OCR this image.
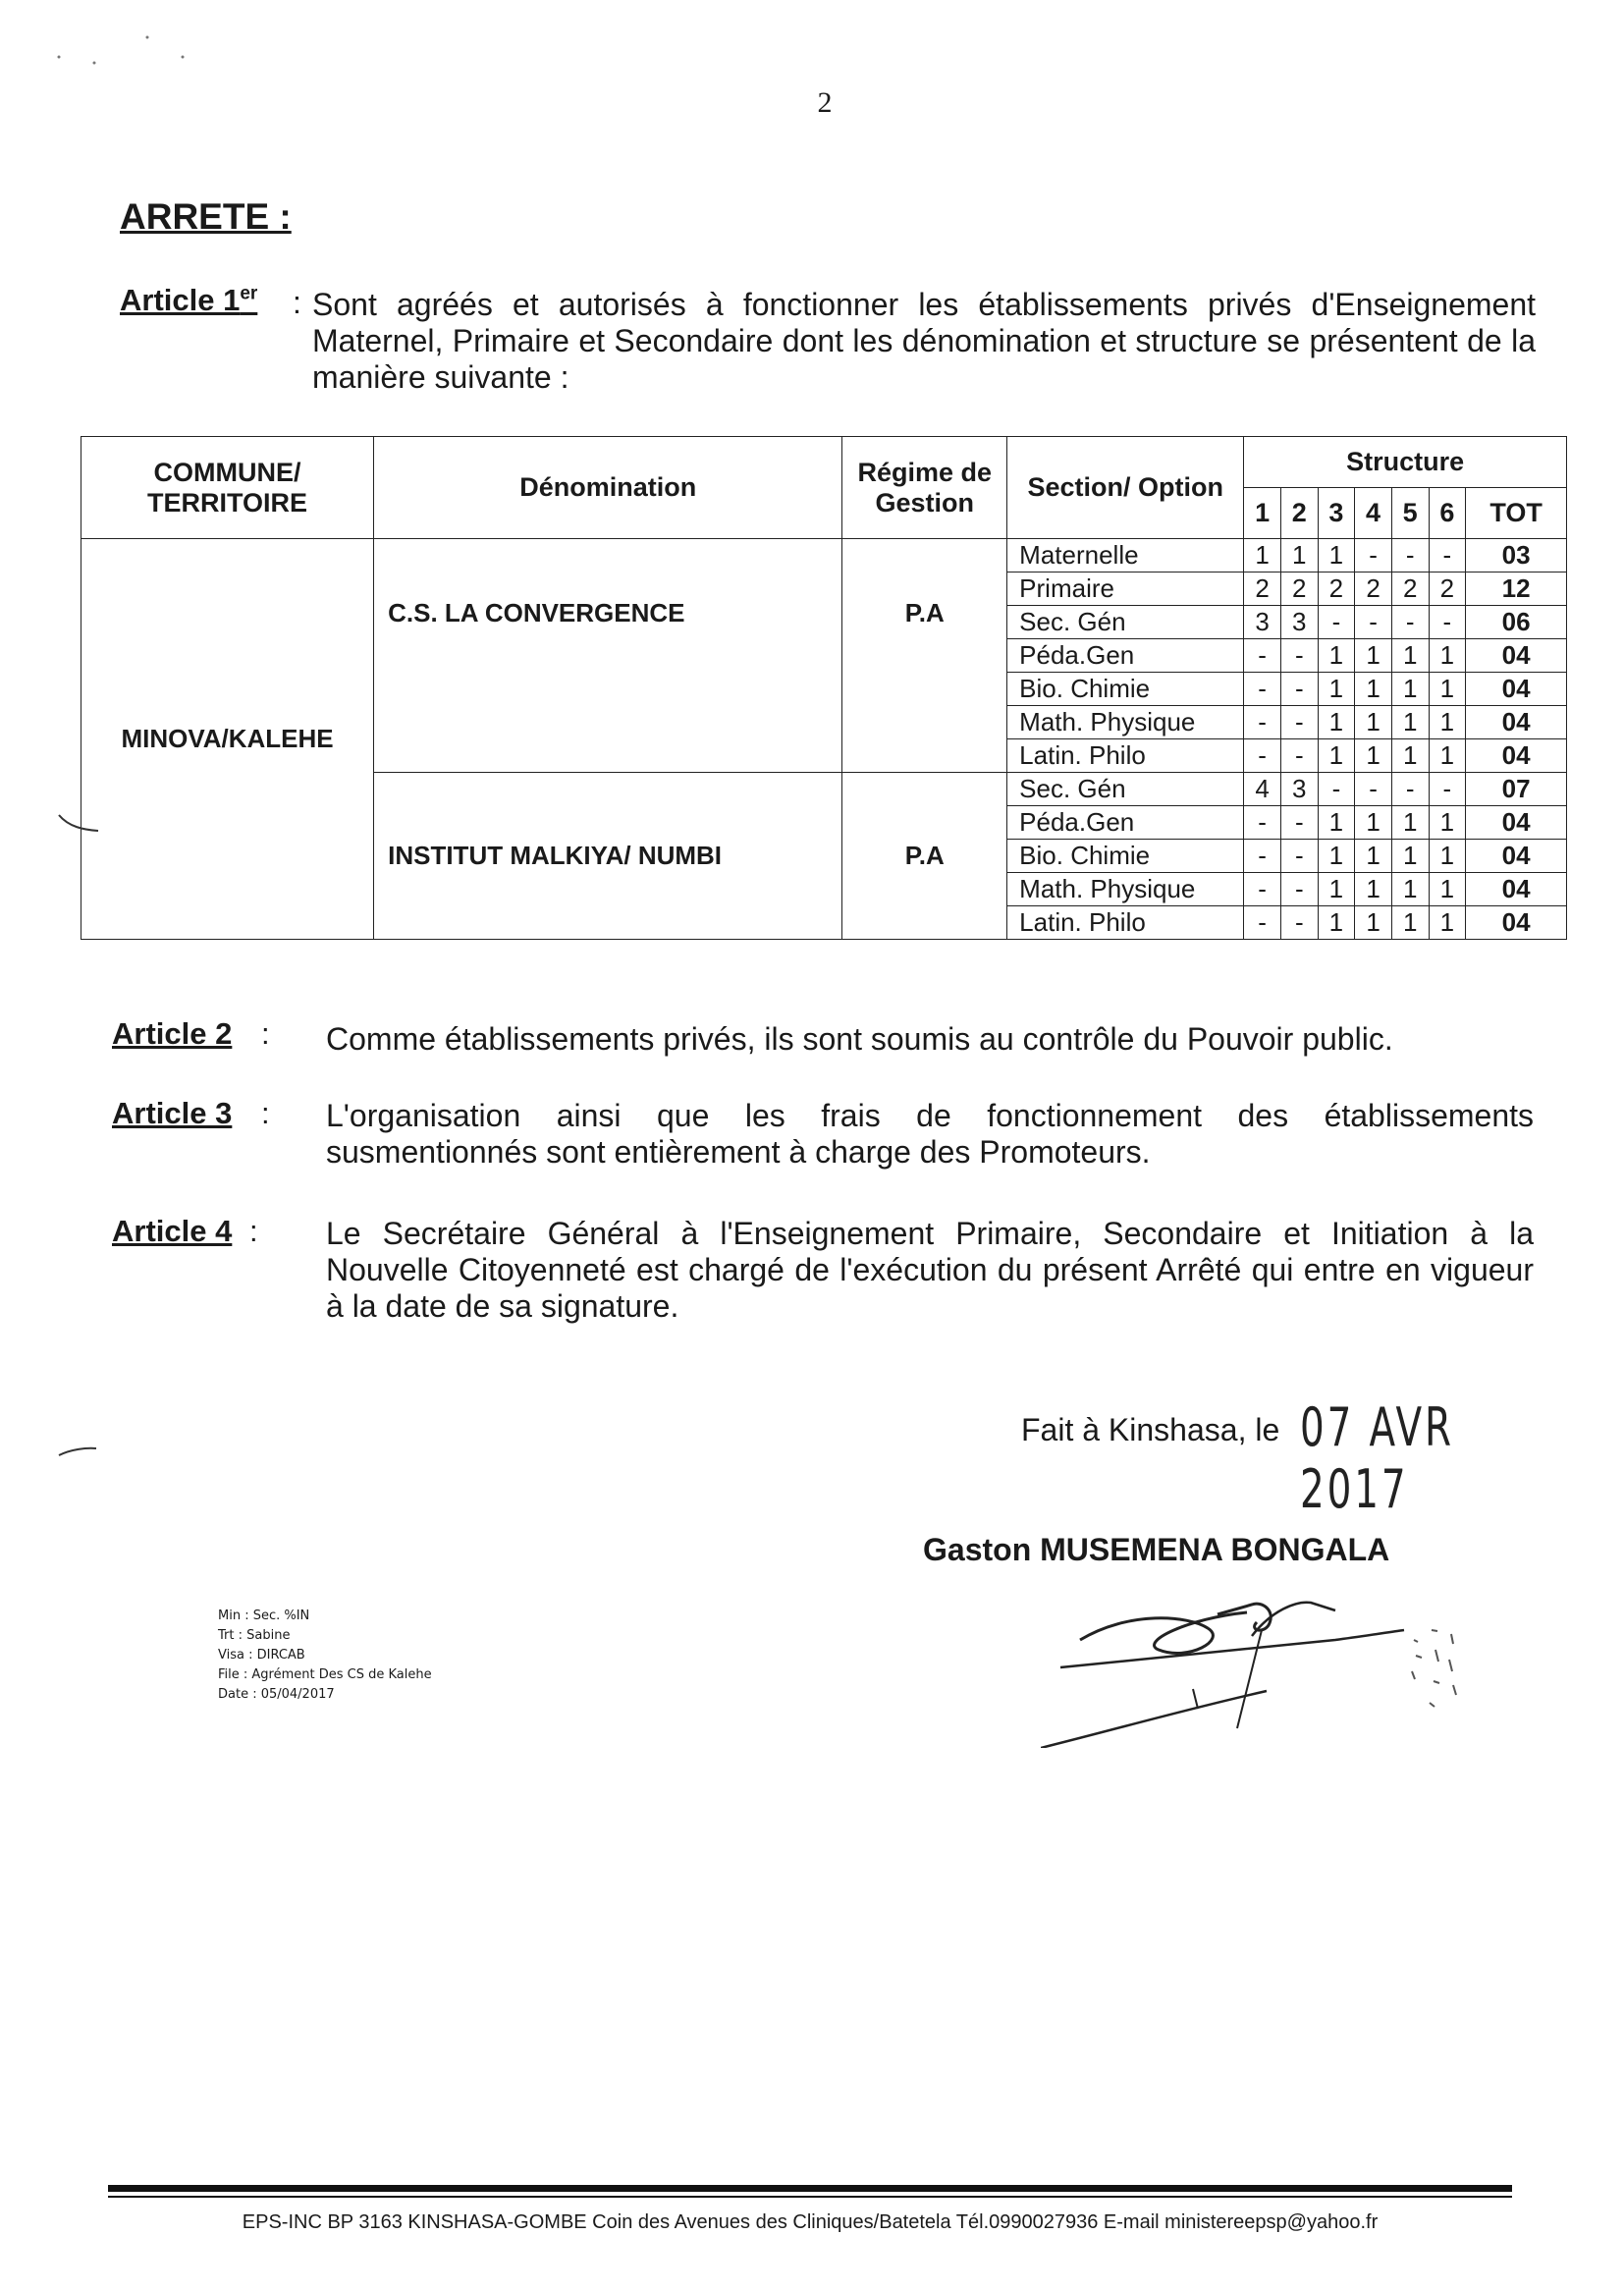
2
ARRETE :
Article 1er : Sont agréés et autorisés à fonctionner les établissements privés d'Enseignement Maternel, Primaire et Secondaire dont les dénomination et structure se présentent de la manière suivante :
COMMUNE/ TERRITOIRE	Dénomination	Régime de Gestion	Section/ Option	Structure						
				1	2	3	4	5	6	TOT
MINOVA/KALEHE	C.S. LA CONVERGENCE	P.A	Maternelle	1	1	1	-	-	-	03
			Primaire	2	2	2	2	2	2	12
			Sec. Gén	3	3	-	-	-	-	06
			Péda.Gen	-	-	1	1	1	1	04
			Bio. Chimie	-	-	1	1	1	1	04
			Math. Physique	-	-	1	1	1	1	04
			Latin. Philo	-	-	1	1	1	1	04
	INSTITUT MALKIYA/ NUMBI	P.A	Sec. Gén	4	3	-	-	-	-	07
			Péda.Gen	-	-	1	1	1	1	04
			Bio. Chimie	-	-	1	1	1	1	04
			Math. Physique	-	-	1	1	1	1	04
			Latin. Philo	-	-	1	1	1	1	04
Article 2 : Comme établissements privés, ils sont soumis au contrôle du Pouvoir public.
Article 3 : L'organisation ainsi que les frais de fonctionnement des établissements susmentionnés sont entièrement à charge des Promoteurs.
Article 4 : Le Secrétaire Général à l'Enseignement Primaire, Secondaire et Initiation à la Nouvelle Citoyenneté est chargé de l'exécution du présent Arrêté qui entre en vigueur à la date de sa signature.
Fait à Kinshasa, le 07 AVR 2017
Gaston MUSEMENA BONGALA
Min : Sec. %IN
Trt : Sabine
Visa : DIRCAB
File : Agrément Des CS de Kalehe
Date : 05/04/2017
EPS-INC BP 3163 KINSHASA-GOMBE Coin des Avenues des Cliniques/Batetela Tél.0990027936 E-mail ministereepsp@yahoo.fr
